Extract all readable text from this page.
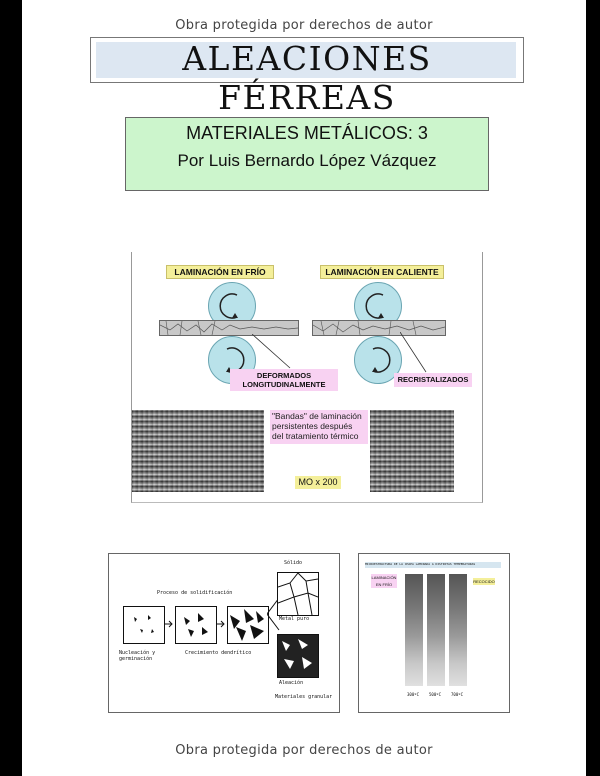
Obra protegida por derechos de autor
ALEACIONES FÉRREAS
MATERIALES METÁLICOS: 3
Por Luis Bernardo López Vázquez
LAMINACIÓN EN FRÍO	LAMINACIÓN EN CALIENTE
DEFORMADOS
LONGITUDINALMENTE
RECRISTALIZADOS
"Bandas" de laminación
persistentes después
del tratamiento térmico
MO x 200
Sólido
Proceso de solidificación
Metal puro
Aleación
Nucleación y
germinación
Crecimiento dendrítico
Materiales granular
MICROESTRUCTURA DE LA CHAPA LAMINADA A DISTINTAS TEMPERATURAS
LAMINACIÓN EN FRÍO
RECOCIDO
300ºC 500ºC 700ºC
Obra protegida por derechos de autor
